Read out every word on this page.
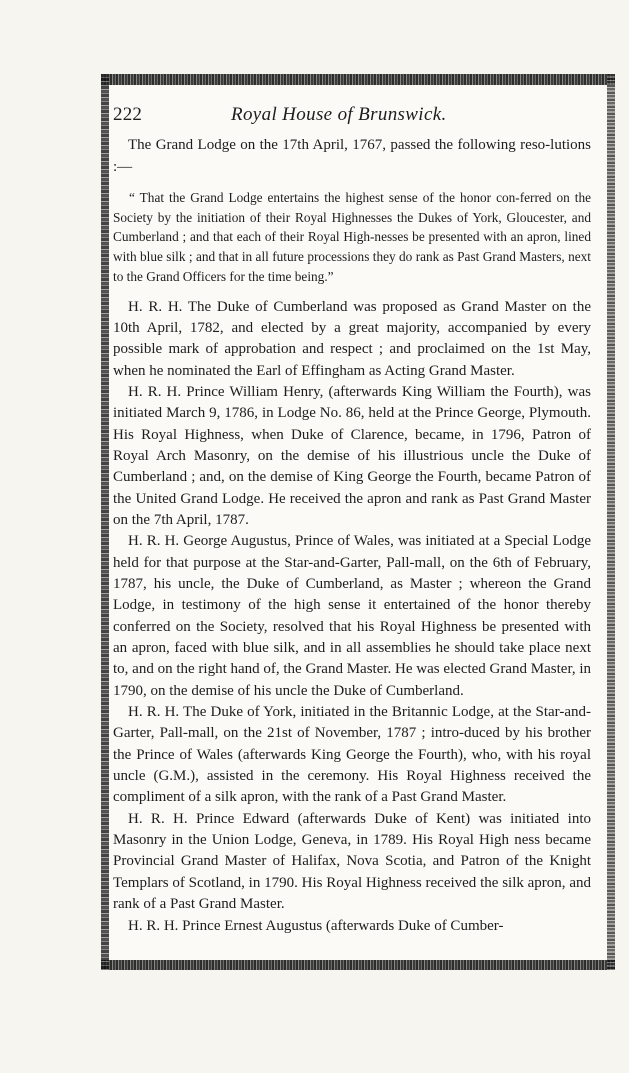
222	Royal House of Brunswick.

The Grand Lodge on the 17th April, 1767, passed the following reso-lutions :—

“ That the Grand Lodge entertains the highest sense of the honor con-ferred on the Society by the initiation of their Royal Highnesses the Dukes of York, Gloucester, and Cumberland ; and that each of their Royal High-nesses be presented with an apron, lined with blue silk ; and that in all future processions they do rank as Past Grand Masters, next to the Grand Officers for the time being.”

H. R. H. The Duke of Cumberland was proposed as Grand Master on the 10th April, 1782, and elected by a great majority, accompanied by every possible mark of approbation and respect ; and proclaimed on the 1st May, when he nominated the Earl of Effingham as Acting Grand Master.

H. R. H. Prince William Henry, (afterwards King William the Fourth), was initiated March 9, 1786, in Lodge No. 86, held at the Prince George, Plymouth. His Royal Highness, when Duke of Clarence, became, in 1796, Patron of Royal Arch Masonry, on the demise of his illustrious uncle the Duke of Cumberland ; and, on the demise of King George the Fourth, became Patron of the United Grand Lodge. He received the apron and rank as Past Grand Master on the 7th April, 1787.

H. R. H. George Augustus, Prince of Wales, was initiated at a Special Lodge held for that purpose at the Star-and-Garter, Pall-mall, on the 6th of February, 1787, his uncle, the Duke of Cumberland, as Master ; whereon the Grand Lodge, in testimony of the high sense it entertained of the honor thereby conferred on the Society, resolved that his Royal Highness be presented with an apron, faced with blue silk, and in all assemblies he should take place next to, and on the right hand of, the Grand Master. He was elected Grand Master, in 1790, on the demise of his uncle the Duke of Cumberland.

H. R. H. The Duke of York, initiated in the Britannic Lodge, at the Star-and-Garter, Pall-mall, on the 21st of November, 1787 ; intro-duced by his brother the Prince of Wales (afterwards King George the Fourth), who, with his royal uncle (G.M.), assisted in the ceremony. His Royal Highness received the compliment of a silk apron, with the rank of a Past Grand Master.

H. R. H. Prince Edward (afterwards Duke of Kent) was initiated into Masonry in the Union Lodge, Geneva, in 1789. His Royal High ness became Provincial Grand Master of Halifax, Nova Scotia, and Patron of the Knight Templars of Scotland, in 1790. His Royal Highness received the silk apron, and rank of a Past Grand Master.

H. R. H. Prince Ernest Augustus (afterwards Duke of Cumber-
